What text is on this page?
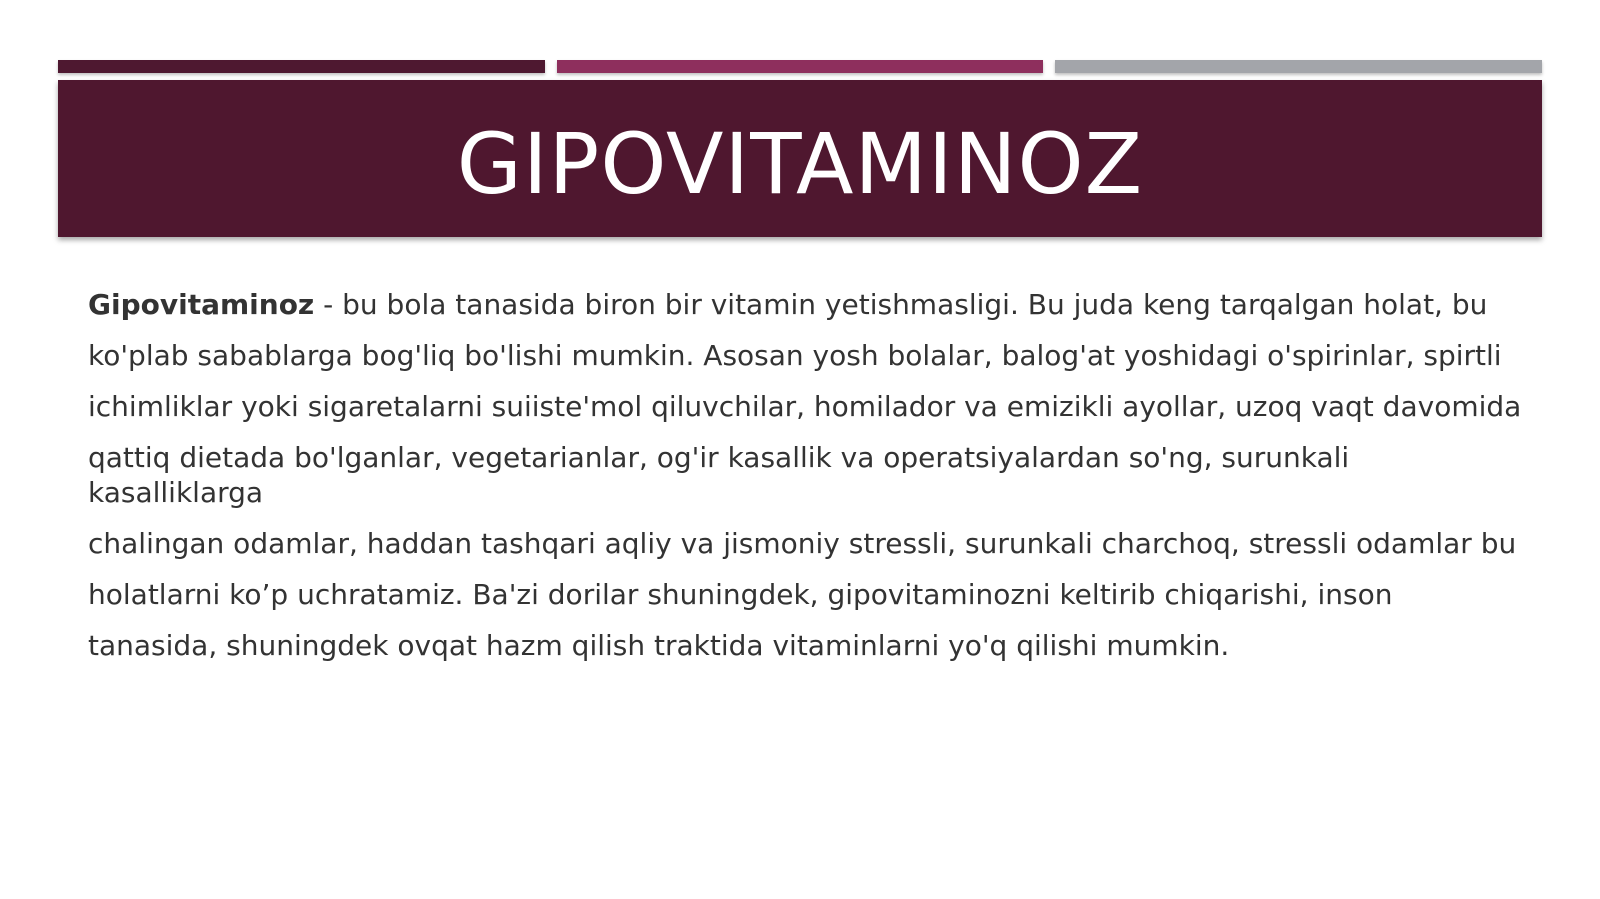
GIPOVITAMINOZ

Gipovitaminoz - bu bola tanasida biron bir vitamin yetishmasligi. Bu juda keng tarqalgan holat, bu

ko'plab sabablarga bog'liq bo'lishi mumkin. Asosan yosh bolalar, balog'at yoshidagi o'spirinlar, spirtli

ichimliklar yoki sigaretalarni suiiste'mol qiluvchilar, homilador va emizikli ayollar, uzoq vaqt davomida

qattiq dietada bo'lganlar, vegetarianlar, og'ir kasallik va operatsiyalardan so'ng, surunkali kasalliklarga

chalingan odamlar, haddan tashqari aqliy va jismoniy stressli, surunkali charchoq, stressli odamlar bu

holatlarni ko’p uchratamiz. Ba'zi dorilar shuningdek, gipovitaminozni keltirib chiqarishi, inson

tanasida, shuningdek ovqat hazm qilish traktida vitaminlarni yo'q qilishi mumkin.
